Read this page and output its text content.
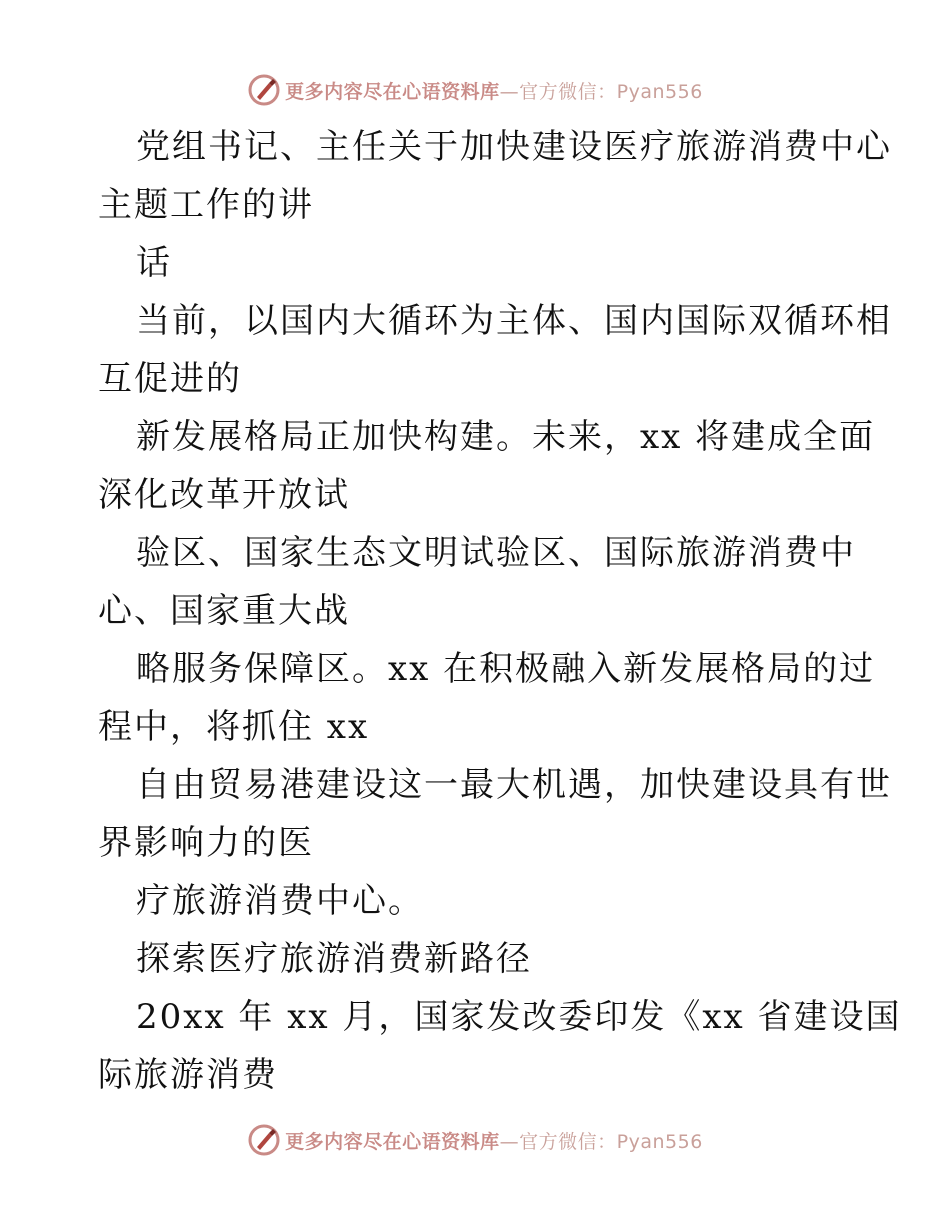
更多内容尽在心语资料库—官方微信：Pyan556
党组书记、主任关于加快建设医疗旅游消费中心
主题工作的讲
话
当前，以国内大循环为主体、国内国际双循环相
互促进的
新发展格局正加快构建。未来，xx 将建成全面
深化改革开放试
验区、国家生态文明试验区、国际旅游消费中
心、国家重大战
略服务保障区。xx 在积极融入新发展格局的过
程中，将抓住 xx
自由贸易港建设这一最大机遇，加快建设具有世
界影响力的医
疗旅游消费中心。
探索医疗旅游消费新路径
20xx 年 xx 月，国家发改委印发《xx 省建设国
际旅游消费
更多内容尽在心语资料库—官方微信：Pyan556
